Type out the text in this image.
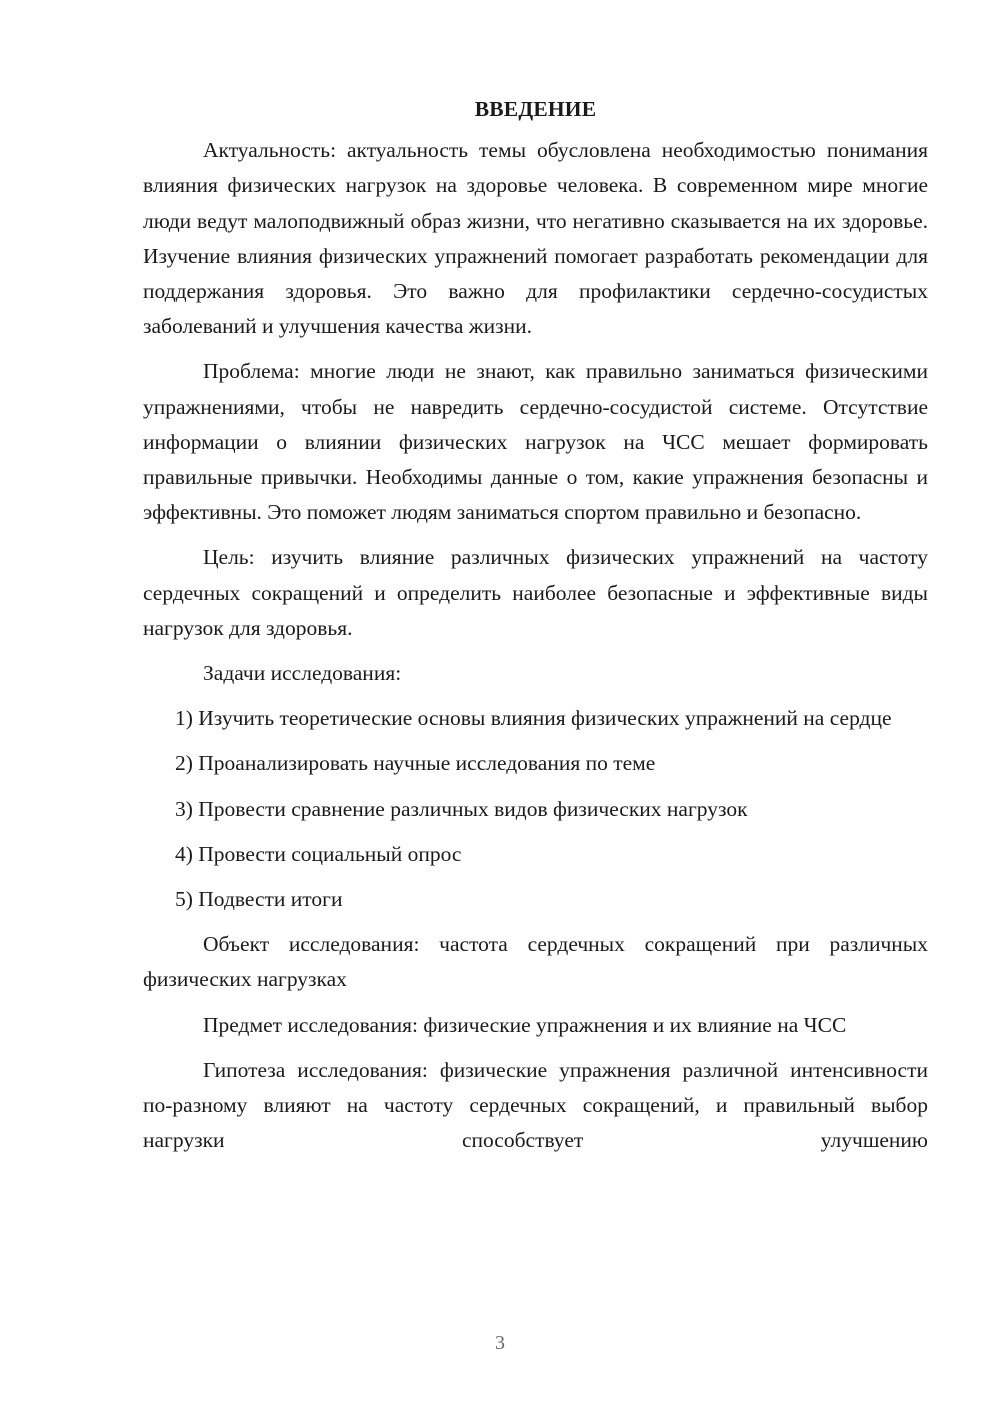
ВВЕДЕНИЕ

Актуальность: актуальность темы обусловлена необходимостью понимания влияния физических нагрузок на здоровье человека. В современном мире многие люди ведут малоподвижный образ жизни, что негативно сказывается на их здоровье. Изучение влияния физических упражнений помогает разработать рекомендации для поддержания здоровья. Это важно для профилактики сердечно-сосудистых заболеваний и улучшения качества жизни.

Проблема: многие люди не знают, как правильно заниматься физическими упражнениями, чтобы не навредить сердечно-сосудистой системе. Отсутствие информации о влиянии физических нагрузок на ЧСС мешает формировать правильные привычки. Необходимы данные о том, какие упражнения безопасны и эффективны. Это поможет людям заниматься спортом правильно и безопасно.

Цель: изучить влияние различных физических упражнений на частоту сердечных сокращений и определить наиболее безопасные и эффективные виды нагрузок для здоровья.

Задачи исследования:

1) Изучить теоретические основы влияния физических упражнений на сердце

2) Проанализировать научные исследования по теме

3) Провести сравнение различных видов физических нагрузок

4) Провести социальный опрос

5) Подвести итоги

Объект исследования: частота сердечных сокращений при различных физических нагрузках

Предмет исследования: физические упражнения и их влияние на ЧСС

Гипотеза исследования: физические упражнения различной интенсивности по-разному влияют на частоту сердечных сокращений, и правильный выбор нагрузки способствует улучшению

3
